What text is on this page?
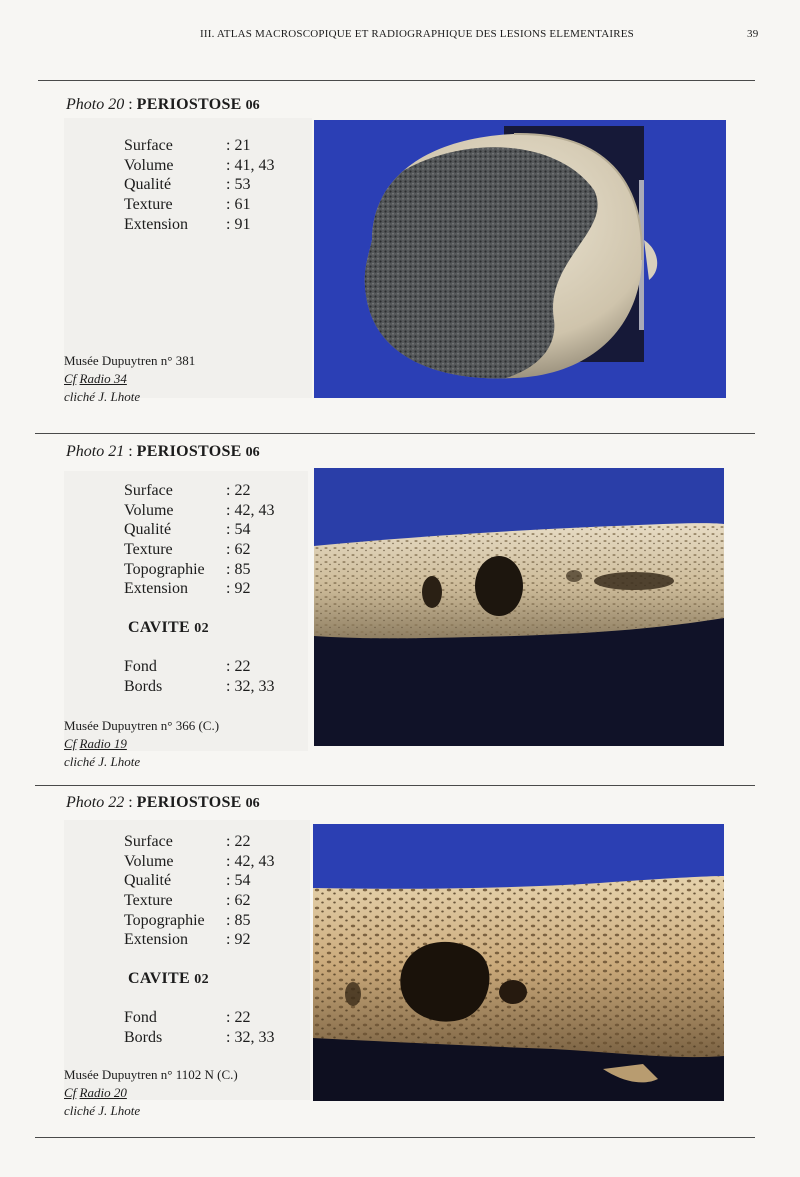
III. ATLAS MACROSCOPIQUE ET RADIOGRAPHIQUE DES LESIONS ELEMENTAIRES	39
Photo 20 : PERIOSTOSE 06
Surface	: 21
Volume	: 41, 43
Qualité	: 53
Texture	: 61
Extension : 91
Musée Dupuytren n° 381
Cf Radio 34
cliché J. Lhote
Photo 21 : PERIOSTOSE 06
Surface	: 22
Volume	: 42, 43
Qualité	: 54
Texture	: 62
Topographie : 85
Extension : 92
CAVITE 02
Fond	: 22
Bords	: 32, 33
Musée Dupuytren n° 366 (C.)
Cf Radio 19
cliché J. Lhote
Photo 22 : PERIOSTOSE 06
Surface	: 22
Volume	: 42, 43
Qualité	: 54
Texture	: 62
Topographie : 85
Extension : 92
CAVITE 02
Fond	: 22
Bords	: 32, 33
Musée Dupuytren n° 1102 N (C.)
Cf Radio 20
cliché J. Lhote
